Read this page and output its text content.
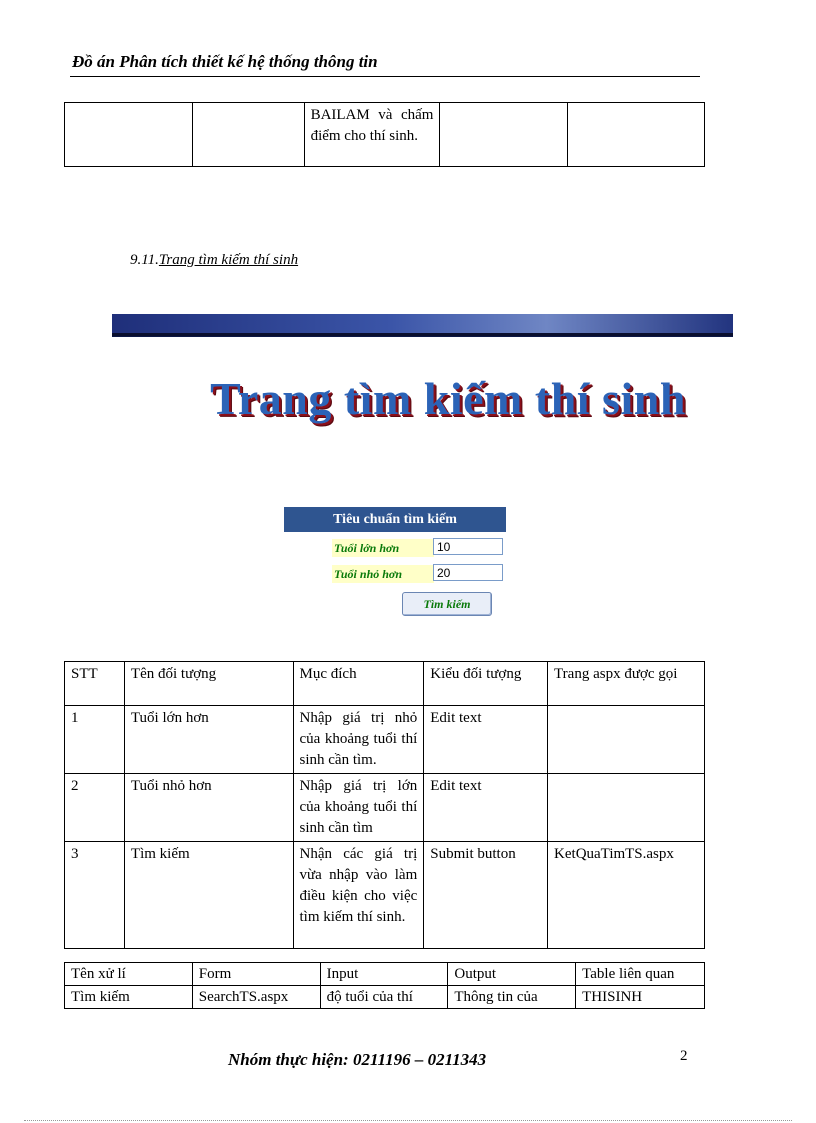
Đồ án Phân tích thiết kế hệ thống thông tin
		BAILAM và chấm điểm cho thí sinh.		
9.11.Trang tìm kiếm thí sinh
Trang tìm kiếm thí sinh
Tiêu chuẩn tìm kiếm
Tuổi lớn hơn	10
Tuổi nhỏ hơn	20
Tìm kiếm
STT	Tên đối tượng	Mục đích	Kiểu đối tượng	Trang aspx được gọi
1	Tuổi lớn hơn	Nhập giá trị nhỏ của khoảng tuổi thí sinh cần tìm.	Edit text	
2	Tuổi nhỏ hơn	Nhập giá trị lớn của khoảng tuổi thí sinh cần tìm	Edit text	
3	Tìm kiếm	Nhận các giá trị vừa nhập vào làm điều kiện cho việc tìm kiếm thí sinh.	Submit button	KetQuaTimTS.aspx
Tên xử lí	Form	Input	Output	Table liên quan
Tìm kiếm	SearchTS.aspx	độ tuổi của thí	Thông tin của	THISINH
Nhóm thực hiện: 0211196 – 0211343	2
